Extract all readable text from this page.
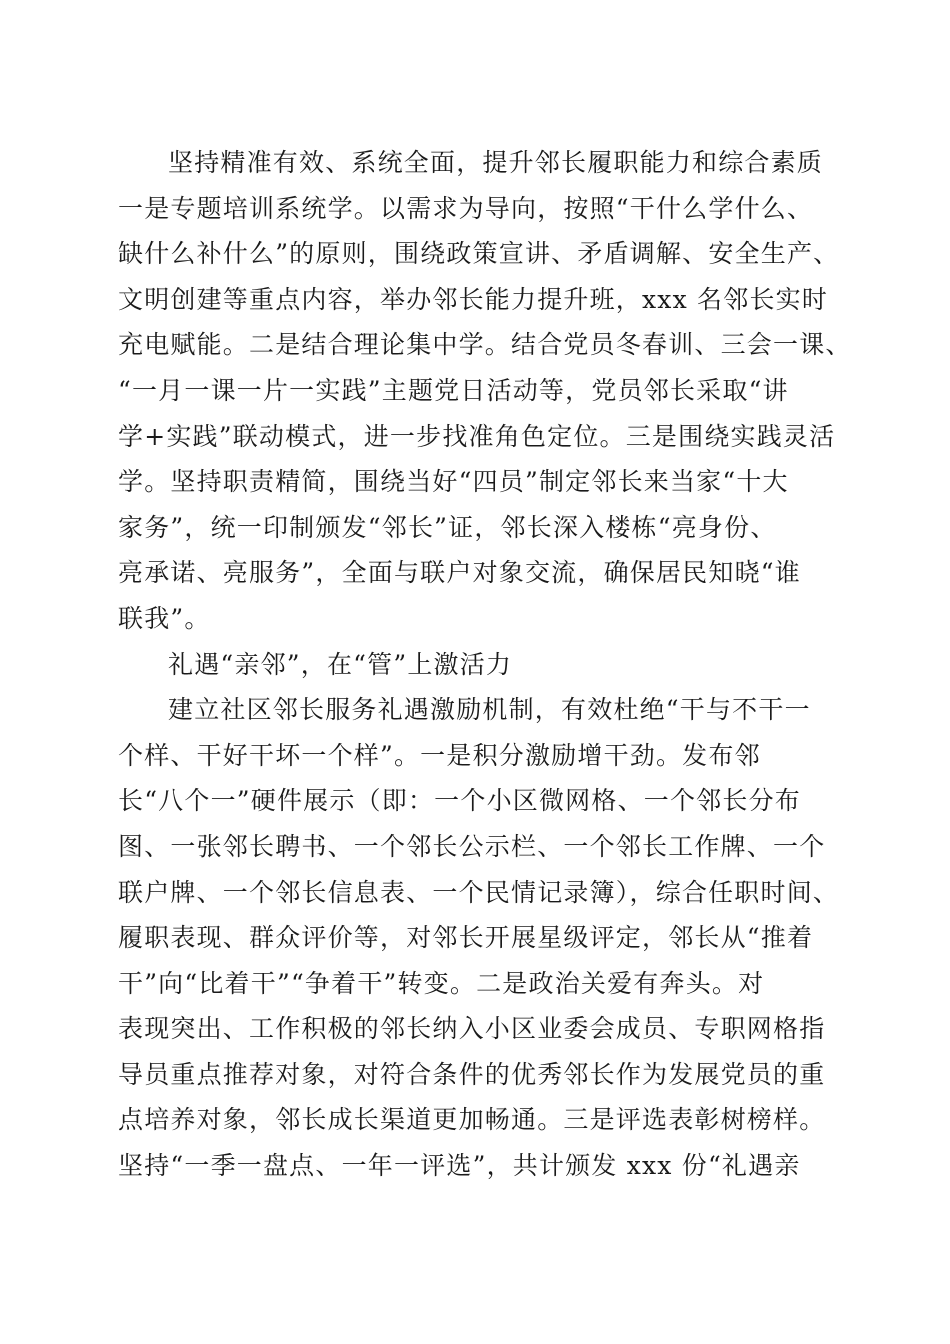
坚持精准有效、系统全面，提升邻长履职能力和综合素质
一是专题培训系统学。以需求为导向，按照“干什么学什么、
缺什么补什么”的原则，围绕政策宣讲、矛盾调解、安全生产、
文明创建等重点内容，举办邻长能力提升班，xxx 名邻长实时
充电赋能。二是结合理论集中学。结合党员冬春训、三会一课、
“一月一课一片一实践”主题党日活动等，党员邻长采取“讲
学+实践”联动模式，进一步找准角色定位。三是围绕实践灵活
学。坚持职责精简，围绕当好“四员”制定邻长来当家“十大
家务”，统一印制颁发“邻长”证，邻长深入楼栋“亮身份、
亮承诺、亮服务”，全面与联户对象交流，确保居民知晓“谁
联我”。
礼遇“亲邻”，在“管”上激活力
建立社区邻长服务礼遇激励机制，有效杜绝“干与不干一
个样、干好干坏一个样”。一是积分激励增干劲。发布邻
长“八个一”硬件展示（即：一个小区微网格、一个邻长分布
图、一张邻长聘书、一个邻长公示栏、一个邻长工作牌、一个
联户牌、一个邻长信息表、一个民情记录簿），综合任职时间、
履职表现、群众评价等，对邻长开展星级评定，邻长从“推着
干”向“比着干”“争着干”转变。二是政治关爱有奔头。对
表现突出、工作积极的邻长纳入小区业委会成员、专职网格指
导员重点推荐对象，对符合条件的优秀邻长作为发展党员的重
点培养对象，邻长成长渠道更加畅通。三是评选表彰树榜样。
坚持“一季一盘点、一年一评选”，共计颁发 xxx 份“礼遇亲
